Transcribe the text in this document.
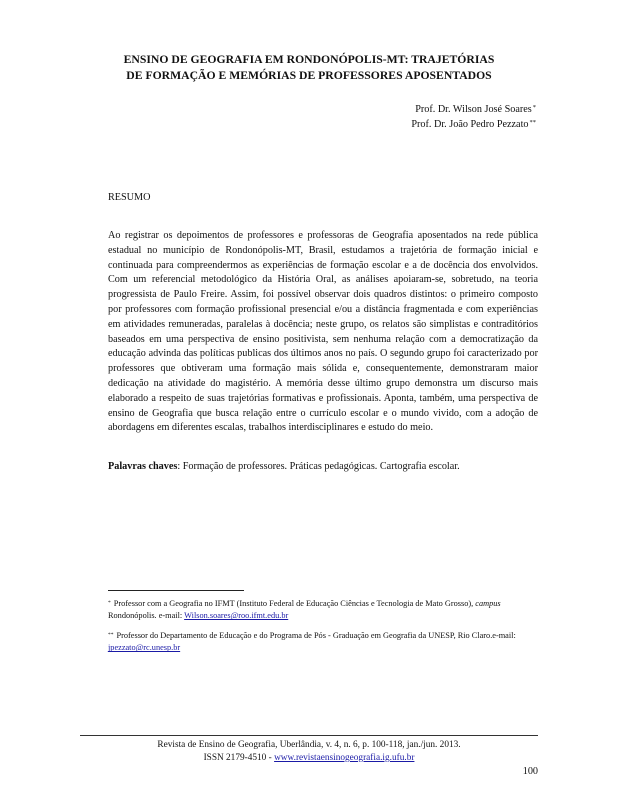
ENSINO DE GEOGRAFIA EM RONDONÓPOLIS-MT: TRAJETÓRIAS
DE FORMAÇÃO E MEMÓRIAS DE PROFESSORES APOSENTADOS
Prof. Dr. Wilson José Soares*
Prof. Dr. João Pedro Pezzato**
RESUMO

Ao registrar os depoimentos de professores e professoras de Geografia aposentados na rede pública estadual no município de Rondonópolis-MT, Brasil, estudamos a trajetória de formação inicial e continuada para compreendermos as experiências de formação escolar e a de docência dos envolvidos. Com um referencial metodológico da História Oral, as análises apoiaram-se, sobretudo, na teoria progressista de Paulo Freire. Assim, foi possível observar dois quadros distintos: o primeiro composto por professores com formação profissional presencial e/ou a distância fragmentada e com experiências em atividades remuneradas, paralelas à docência; neste grupo, os relatos são simplistas e contraditórios baseados em uma perspectiva de ensino positivista, sem nenhuma relação com a democratização da educação advinda das políticas publicas dos últimos anos no país. O segundo grupo foi caracterizado por professores que obtiveram uma formação mais sólida e, consequentemente, demonstraram maior dedicação na atividade do magistério. A memória desse último grupo demonstra um discurso mais elaborado a respeito de suas trajetórias formativas e profissionais. Aponta, também, uma perspectiva de ensino de Geografia que busca relação entre o currículo escolar e o mundo vivido, com a adoção de abordagens em diferentes escalas, trabalhos interdisciplinares e estudo do meio.

Palavras chaves: Formação de professores. Práticas pedagógicas. Cartografia escolar.

* Professor com a Geografia no IFMT (Instituto Federal de Educação Ciências e Tecnologia de Mato Grosso), campus Rondonópolis. e-mail: Wilson.soares@roo.ifmt.edu.br

** Professor do Departamento de Educação e do Programa de Pós - Graduação em Geografia da UNESP, Rio Claro.e-mail: jpezzato@rc.unesp.br

Revista de Ensino de Geografia, Uberlândia, v. 4, n. 6, p. 100-118, jan./jun. 2013.
ISSN 2179-4510 - www.revistaensinogeografia.ig.ufu.br
100
